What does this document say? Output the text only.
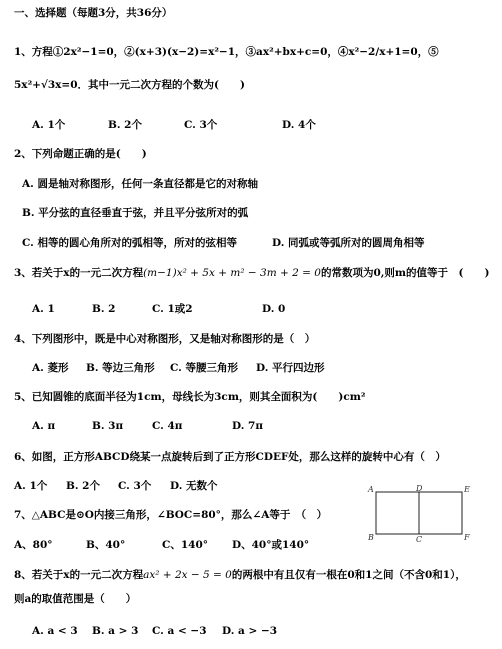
一、选择题（每题3分，共36分）
1、方程①2x²−1=0，②(x+3)(x−2)=x²−1，③ax²+bx+c=0，④x²−2/x+1=0，⑤
5x²+√3x=0．其中一元二次方程的个数为(　　)
A. 1个	B. 2个	C. 3个	D. 4个
2、下列命题正确的是(　　)
A. 圆是轴对称图形，任何一条直径都是它的对称轴
B. 平分弦的直径垂直于弦，并且平分弦所对的弧
C. 相等的圆心角所对的弧相等，所对的弦相等	D. 同弧或等弧所对的圆周角相等
3、若关于x的一元二次方程(m−1)x² + 5x + m² − 3m + 2 = 0的常数项为0,则m的值等于　(　　)
A. 1	B. 2	C. 1或2	D. 0
4、下列图形中，既是中心对称图形，又是轴对称图形的是（　）
A. 菱形 B. 等边三角形 C. 等腰三角形 D. 平行四边形
5、已知圆锥的底面半径为1cm，母线长为3cm，则其全面积为(　　)cm²
A. π	B. 3π	C. 4π	D. 7π
6、如图，正方形ABCD绕某一点旋转后到了正方形CDEF处，那么这样的旋转中心有（　）
A. 1个 B. 2个 C. 3个 D. 无数个	A	D	E
B	C	F
7、△ABC是⊙O内接三角形，∠BOC=80°，那么∠A等于　（　）
A、80°	B、40°	C、140° D、40°或140°
8、若关于x的一元二次方程ax² + 2x − 5 = 0的两根中有且仅有一根在0和1之间（不含0和1），
则a的取值范围是（　　）
A. a < 3 B. a > 3 C. a < −3 D. a > −3
